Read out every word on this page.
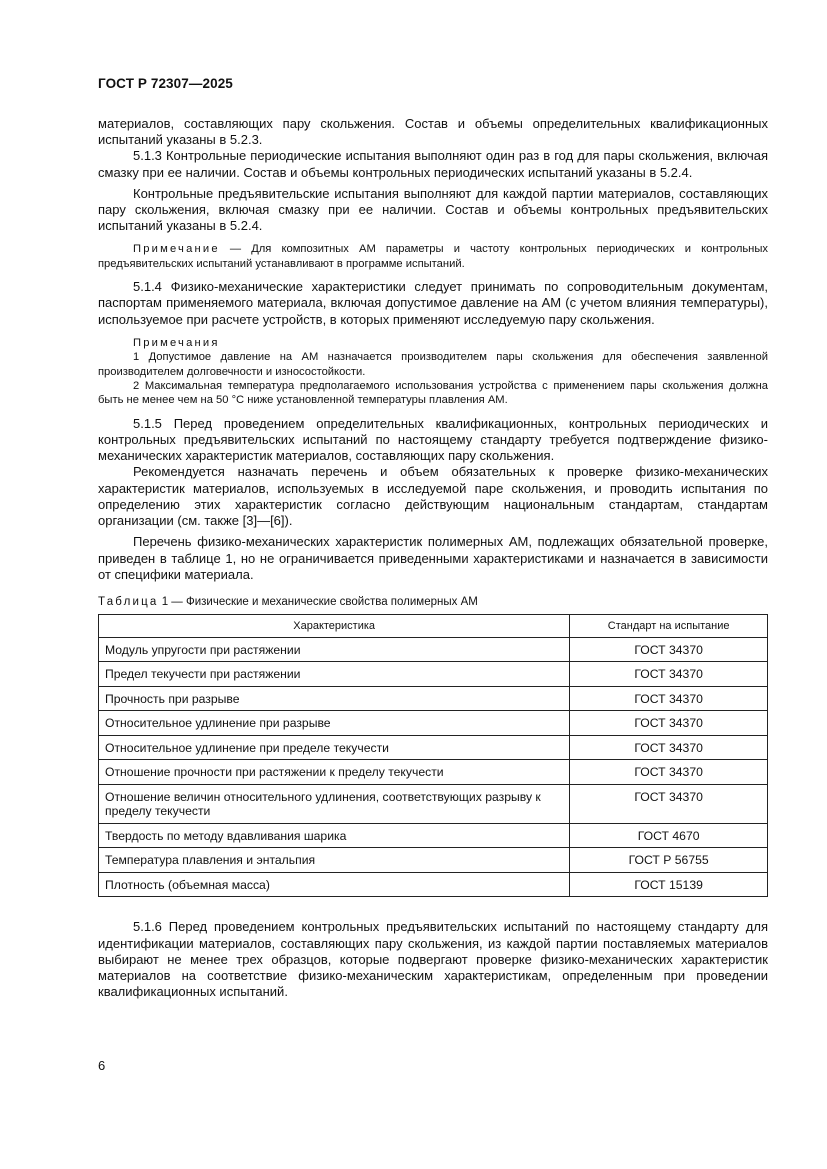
ГОСТ Р 72307—2025

материалов, составляющих пару скольжения. Состав и объемы определительных квалификационных испытаний указаны в 5.2.3.

5.1.3 Контрольные периодические испытания выполняют один раз в год для пары скольжения, включая смазку при ее наличии. Состав и объемы контрольных периодических испытаний указаны в 5.2.4.

Контрольные предъявительские испытания выполняют для каждой партии материалов, составляющих пару скольжения, включая смазку при ее наличии. Состав и объемы контрольных предъявительских испытаний указаны в 5.2.4.

Примечание — Для композитных АМ параметры и частоту контрольных периодических и контрольных предъявительских испытаний устанавливают в программе испытаний.

5.1.4 Физико-механические характеристики следует принимать по сопроводительным документам, паспортам применяемого материала, включая допустимое давление на АМ (с учетом влияния температуры), используемое при расчете устройств, в которых применяют исследуемую пару скольжения.

Примечания

1 Допустимое давление на АМ назначается производителем пары скольжения для обеспечения заявленной производителем долговечности и износостойкости.

2 Максимальная температура предполагаемого использования устройства с применением пары скольжения должна быть не менее чем на 50 °С ниже установленной температуры плавления АМ.

5.1.5 Перед проведением определительных квалификационных, контрольных периодических и контрольных предъявительских испытаний по настоящему стандарту требуется подтверждение физико-механических характеристик материалов, составляющих пару скольжения.

Рекомендуется назначать перечень и объем обязательных к проверке физико-механических характеристик материалов, используемых в исследуемой паре скольжения, и проводить испытания по определению этих характеристик согласно действующим национальным стандартам, стандартам организации (см. также [3]—[6]).

Перечень физико-механических характеристик полимерных АМ, подлежащих обязательной проверке, приведен в таблице 1, но не ограничивается приведенными характеристиками и назначается в зависимости от специфики материала.

Таблица 1 — Физические и механические свойства полимерных АМ
Характеристика	Стандарт на испытание
Модуль упругости при растяжении	ГОСТ 34370
Предел текучести при растяжении	ГОСТ 34370
Прочность при разрыве	ГОСТ 34370
Относительное удлинение при разрыве	ГОСТ 34370
Относительное удлинение при пределе текучести	ГОСТ 34370
Отношение прочности при растяжении к пределу текучести	ГОСТ 34370
Отношение величин относительного удлинения, соответствующих разрыву к пределу текучести	ГОСТ 34370
Твердость по методу вдавливания шарика	ГОСТ 4670
Температура плавления и энтальпия	ГОСТ Р 56755
Плотность (объемная масса)	ГОСТ 15139

5.1.6 Перед проведением контрольных предъявительских испытаний по настоящему стандарту для идентификации материалов, составляющих пару скольжения, из каждой партии поставляемых материалов выбирают не менее трех образцов, которые подвергают проверке физико-механических характеристик материалов на соответствие физико-механическим характеристикам, определенным при проведении квалификационных испытаний.

6
